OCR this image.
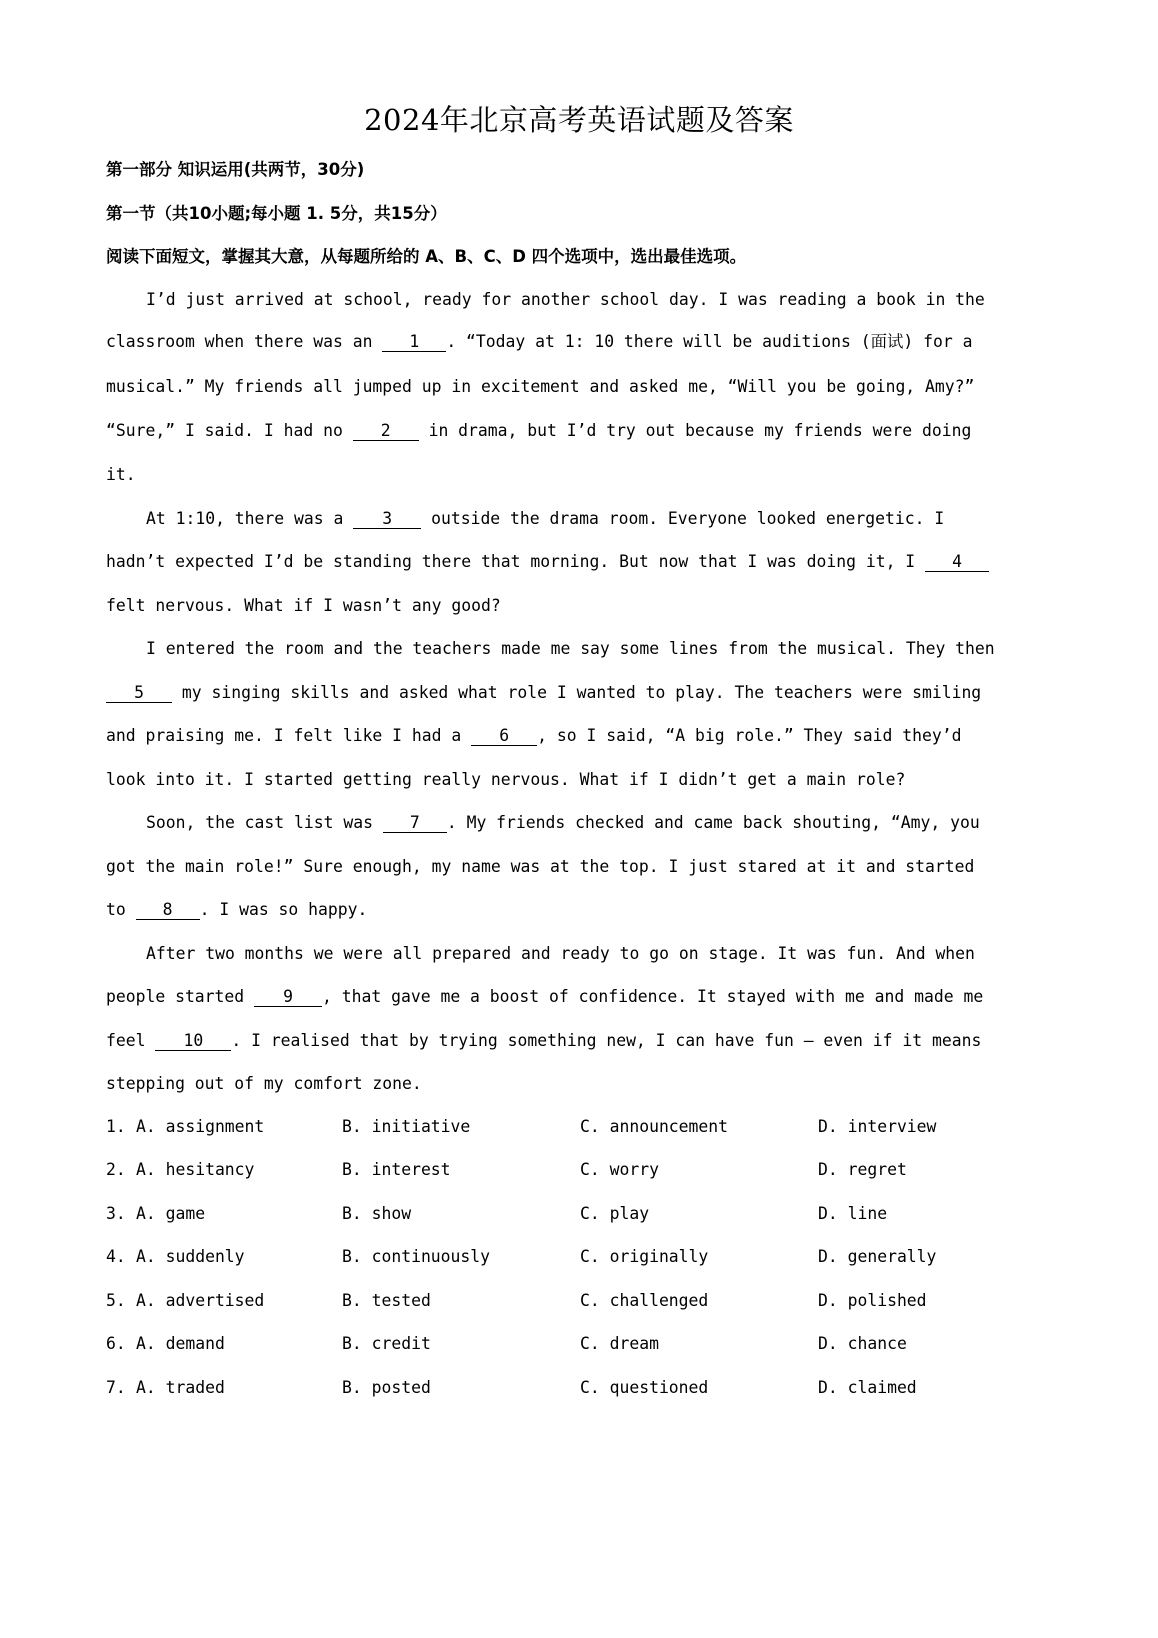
2024年北京高考英语试题及答案
第一部分 知识运用(共两节，30分)
第一节（共10小题;每小题 1. 5分，共15分）
阅读下面短文，掌握其大意，从每题所给的 A、B、C、D 四个选项中，选出最佳选项。
I’d just arrived at school, ready for another school day. I was reading a book in the
classroom when there was an 1 . “Today at 1: 10 there will be auditions (面试) for a
musical.” My friends all jumped up in excitement and asked me, “Will you be going, Amy?”
“Sure,” I said. I had no 2 in drama, but I’d try out because my friends were doing
it.
At 1:10, there was a 3 outside the drama room. Everyone looked energetic. I
hadn’t expected I’d be standing there that morning. But now that I was doing it, I 4
felt nervous. What if I wasn’t any good?
I entered the room and the teachers made me say some lines from the musical. They then
5 my singing skills and asked what role I wanted to play. The teachers were smiling
and praising me. I felt like I had a 6 , so I said, “A big role.” They said they’d
look into it. I started getting really nervous. What if I didn’t get a main role?
Soon, the cast list was 7 . My friends checked and came back shouting, “Amy, you
got the main role!” Sure enough, my name was at the top. I just stared at it and started
to 8 . I was so happy.
After two months we were all prepared and ready to go on stage. It was fun. And when
people started 9 , that gave me a boost of confidence. It stayed with me and made me
feel 10 . I realised that by trying something new, I can have fun — even if it means
stepping out of my comfort zone.
1. A. assignment	B. initiative	C. announcement	D. interview
2. A. hesitancy	B. interest	C. worry	D. regret
3. A. game	B. show	C. play	D. line
4. A. suddenly	B. continuously	C. originally	D. generally
5. A. advertised	B. tested	C. challenged	D. polished
6. A. demand	B. credit	C. dream	D. chance
7. A. traded	B. posted	C. questioned	D. claimed
